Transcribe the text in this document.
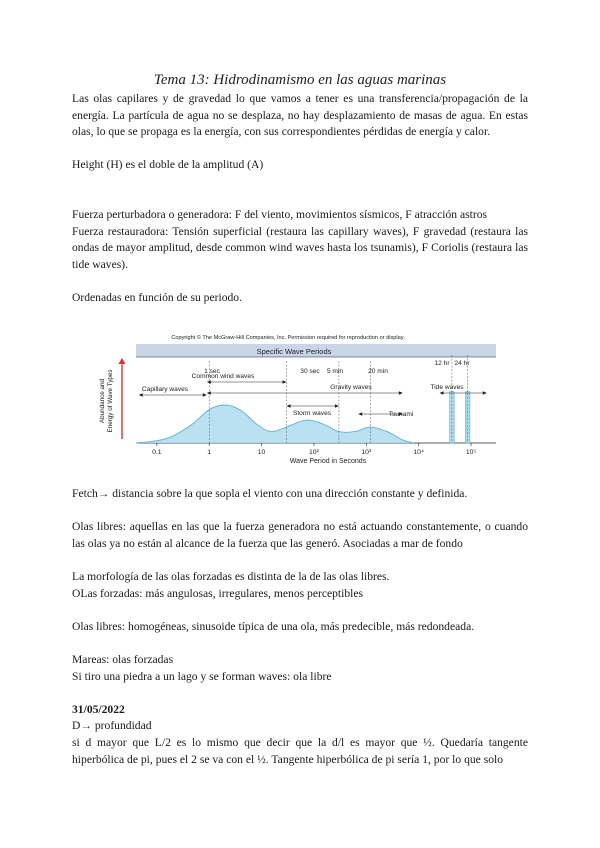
Tema 13: Hidrodinamismo en las aguas marinas

Las olas capilares y de gravedad lo que vamos a tener es una transferencia/propagación de la energía. La partícula de agua no se desplaza, no hay desplazamiento de masas de agua. En estas olas, lo que se propaga es la energía, con sus correspondientes pérdidas de energía y calor.

Height (H) es el doble de la amplitud (A)

Fuerza perturbadora o generadora: F del viento, movimientos sísmicos, F atracción astros

Fuerza restauradora: Tensión superficial (restaura las capillary waves), F gravedad (restaura las ondas de mayor amplitud, desde common wind waves hasta los tsunamis), F Coriolis (restaura las tide waves).

Ordenadas en función de su periodo.

Copyright © The McGraw-Hill Companies, Inc. Permission required for reproduction or display.
Specific Wave Periods
0.1	1	10	10²	10³	10⁴	10⁵
Abundance and Energy of Wave Types
Wave Period in Seconds
Common wind waves
Gravity waves
Capillary waves	Tide waves
Tsunami
Storm waves
1 sec	30 sec 5 min	20 min
12 hr 24 hr

Fetch→ distancia sobre la que sopla el viento con una dirección constante y definida.

Olas libres: aquellas en las que la fuerza generadora no está actuando constantemente, o cuando las olas ya no están al alcance de la fuerza que las generó. Asociadas a mar de fondo

La morfología de las olas forzadas es distinta de la de las olas libres.

OLas forzadas: más angulosas, irregulares, menos perceptibles

Olas libres: homogéneas, sinusoide típica de una ola, más predecible, más redondeada.

Mareas: olas forzadas

Si tiro una piedra a un lago y se forman waves: ola libre

31/05/2022

D→ profundidad

si d mayor que L/2 es lo mismo que decir que la d/l es mayor que ½. Quedaría tangente hiperbólica de pi, pues el 2 se va con el ½. Tangente hiperbólica de pi sería 1, por lo que solo
